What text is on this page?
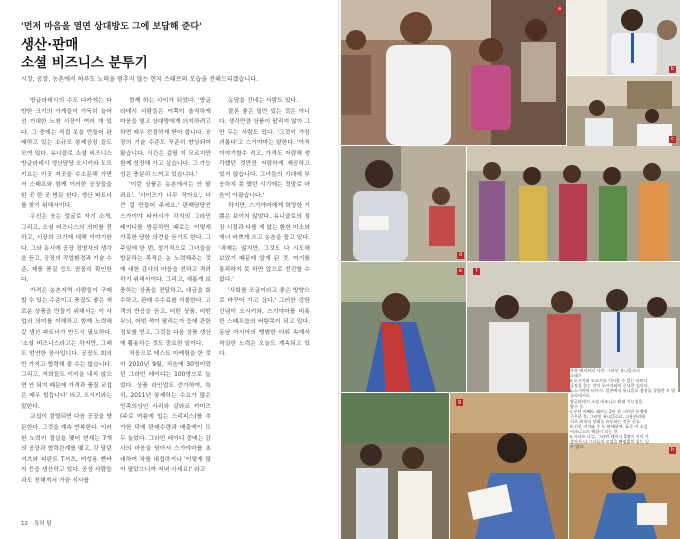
'먼저 마음을 열면 상대방도 그에 보답해 준다'
생산·판매
소셜 비즈니스 분투기
시장, 공장, 농촌에서 하루도 노력을 멈추지 않는 현지 스태프의 모습을 전해드리겠습니다.

방글라데시의 수도 다카에는 다양한 크기의 가게들이 가득히 늘어선 거대한 노천 시장이 여러 개 있다. 그 중에는 직접 옷을 만들어 판매하고 있는 소규모 봉제공장 들도 모여 있다. 유니클로 소셜 비즈니스 방글라데시 생산담당 오시키와 도모키요는 이곳 저곳을 수소문해 가면서 스태프와 함께 이러한 공장들을 한 곳 한 곳 방문 한다. 생산 파트너를 찾기 위해서이다.

우선은 웃는 얼굴로 자기 소개, 그리고, 소셜 비즈니스의 의미를 전하고, 시장의 크기에 대해 이야기한다. 그와 동시에 공장 경영자의 생각을 듣고, 공장의 작업환경과 기술 수준, 제품 품질 등도 꼼꼼히 확인한다.

가격은 농촌지역 사람들이 구매할 수 있는 수준이고 품질도 좋은 새로운 상품을 만들기 위해서는 이 사업의 의미를 이해하고 함께 노력해 갈 생산 파트너가 반드시 필요하다. '소셜 비즈니스라고는 하지만, 그래도 엄연한 장사입니다. 공장도 회의만 가지고 협력해 줄 수는 없습니다. 그리고, 저희들도 이익을 내지 않으면 안 되지 때문에 가격과 품질 교섭은 매우 힘듭니다' 라고 오시키와는 말한다.

교섭이 결렬되면 다음 공장을 방문한다. 그것을 계속 반복한다. 이러한 노력이 결실을 맺어 현재는 7개의 공장과 협력관계를 맺고, 갓 달린 셔츠와 피판트 T셔츠, 여성용 빤바지 등을 생산하고 있다. 공장 사람들과도 친해져서 가끔 식사를

함께 하는 사이가 되었다. '방글라데시 사람들은 이쪽이 솔직하게 마음을 열고 상대방에게 의지하려고 하면 매우 친절하게 받아 줍니다. 공장의 기술 수준도 꾸준히 향상되어 왔습니다. 시간은 걸릴 지 모르지만 함께 성장해 가고 싶습니다. 그 가능성은 충분히 느끼고 있습니다.'

'이런 상품은 농촌에서는 안 팔려요', '사이즈가 너무 작아요', 더 큰 걸 만들어 주세요.' 판매담당인 스가이야 타카시가 각지의 그라민 레이디를 방문하면 때로는 이렇게 가혹한 당한 의견을 듣기도 한다. 그 주일에 한 번, 정기적으로 그녀들을 방문하는 목적은 농 노력해주는 것에 대한 감사의 마음을 전하고 격려하기 위해서이다. 그리고, 새롭게 보충하는 상품을 전달하고, 대금을 회수하고, 판매 수수료를 지불한다. 고객의 반응을 듣고, 어떤 상품, 어떤 무늬, 어떤 색이 팔리는가 등에 관한 정보를 얻고, 그것을 다음 상품 생산에 활용하는 것도 중요한 일이다.

처음으로 테스트 마케팅을 한 것이 2010년 9월, 처음에 30명이었던 그라민 레이디는 100명으로 늘었다. 상품 라인업도 증가하여, 특히, 2011년 봉제하는 수요가 많은 민족의상인 사리와 살와르 카미즈(주로 여름에 입는 스리피스)를 추가한 덕에 판매수량과 매출액이 모두 늘었다. 그라민 레이디 중에는 감사의 마음을 담아서 스가야마를 초대하여 차를 대접하거나 '이렇게 많이 팔았으니까 저녁 사세요!' 라고

농담을 건네는 사람도 있다.

물론 좋은 일만 있는 것은 아니다. 생각만큼 상품이 팔리지 않아 그만 두는 사람도 있다. '그것이 가장 괴롭다'고 스기야마는 말한다. '아직 이야기할수 적고, 가격도 저렴해 생각했던 것만큼 저렴하게 제공하고 있지 않습니다. 그녀들의 기대에 부응하지 못 했던 시기에는 정말로 마음이 아팠습니다.'

하지만, 스기야마에게 희망한 기쁨은 보이지 않았다. 유니클로의 점장 시절과 다를 게 없는 환한 미소와 에너 바쁘게 오고 농촌을 돌고 있다. '과제는 많지만, 그것도 다 시도해 보았기 때문에 알게 된 것. 여기를 통과하지 못 하면 앞으로 전진할 수 없다.'

'사회를 조금이라고 좋은 방향으로 바꾸어 가고 싶다.' 그러한 강한 신념이 오시키와, 스기야마를 비롯한 스태프들의 버팀목이 되고 있다. 동남 아시아의 땡볕한 더위 속에서 착실한 노력은 오늘도 계속되고 있다.

12 특허 탐
a
b
c
d
e	f
g
h
주홍 배지처의 사진: 그라민 유니클로의
스태프
a.오시키와 도모키요 신터랑 수 있는 파트너
공장을 찾는 것이 오시키와의 중요한 일이다.
b.스기야마 타카시. 일본에서 유니클로 점장을 경험한 후 방글라데시로.
방글라데시 소셜 비즈니스 확대 가능성을
탐구 중.
c.무단 어빼드 래비는 2년 간 그라민 은행에
근무한 후, 그라민 유니클로로. 고용관리에
서로 최적의 상태를 유도하는 것은 중요.
d.선한 의지와 우 두 판매하여, 표준 이 소셜
비즈니스의 핵심이 되는 것
e.사다트 나일. 그라민 레이디 5명이 사이 가
좋아서 다 그녀들의 모임을 빠짐없이 돕는 일
수 있다.
